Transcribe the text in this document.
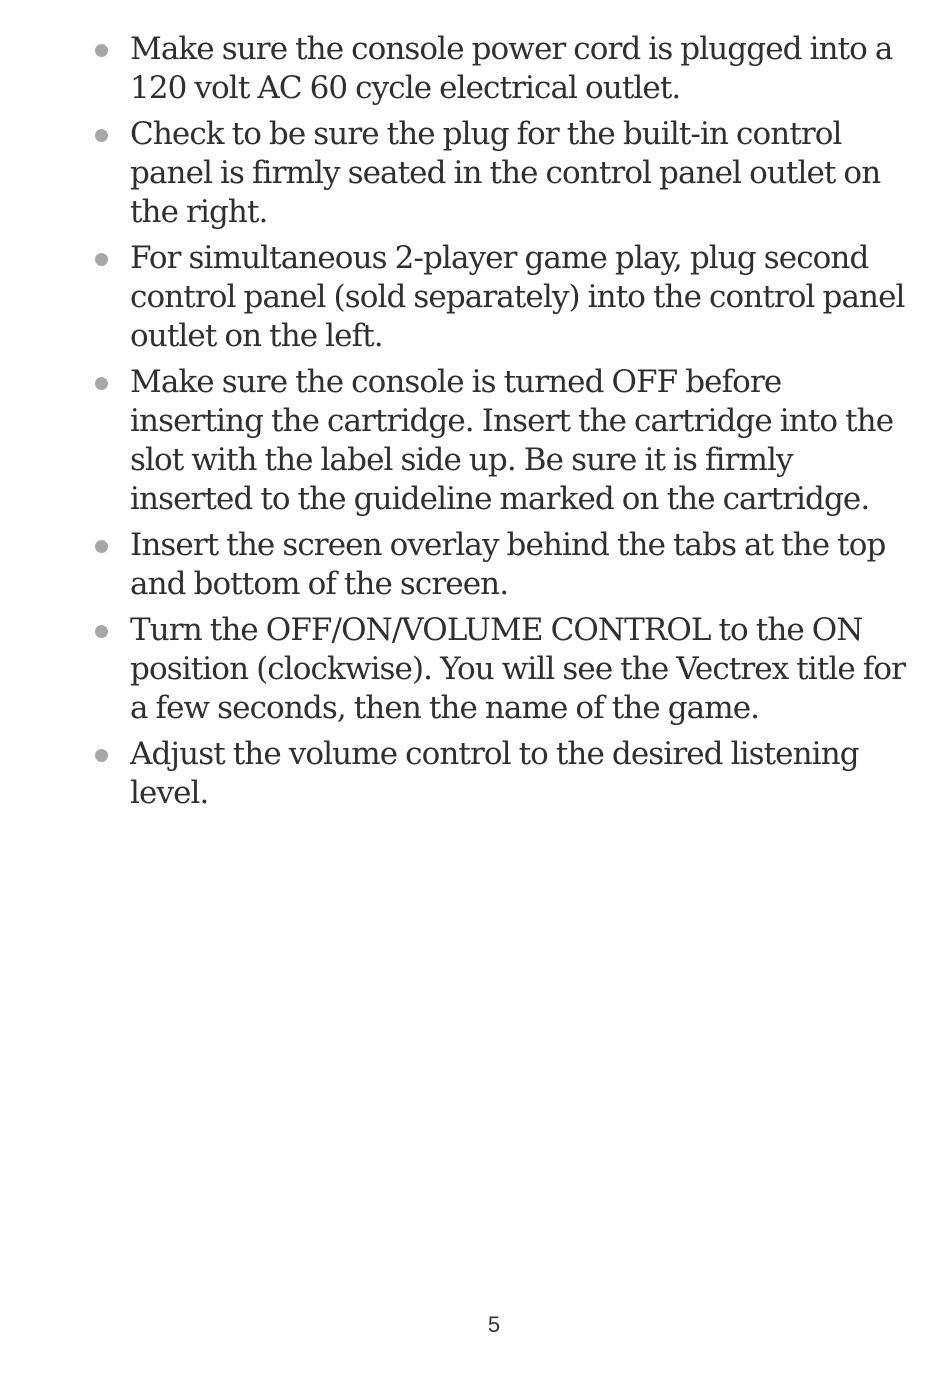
Make sure the console power cord is plugged into a 120 volt AC 60 cycle electrical outlet.
Check to be sure the plug for the built-in control panel is firmly seated in the control panel outlet on the right.
For simultaneous 2-player game play, plug second control panel (sold separately) into the control panel outlet on the left.
Make sure the console is turned OFF before inserting the cartridge. Insert the cartridge into the slot with the label side up. Be sure it is firmly inserted to the guideline marked on the cartridge.
Insert the screen overlay behind the tabs at the top and bottom of the screen.
Turn the OFF/ON/VOLUME CONTROL to the ON position (clockwise). You will see the Vectrex title for a few seconds, then the name of the game.
Adjust the volume control to the desired listening level.
5
